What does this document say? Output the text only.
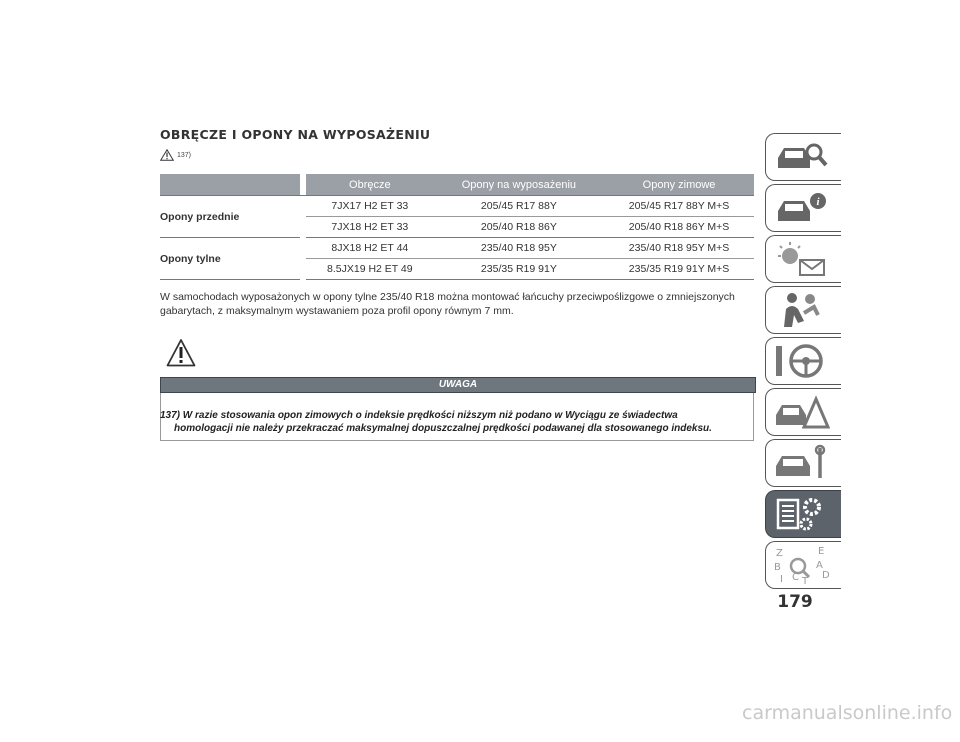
OBRĘCZE I OPONY NA WYPOSAŻENIU
137)
		Obręcze	Opony na wyposażeniu	Opony zimowe
Opony przednie		7JX17 H2 ET 33	205/45 R17 88Y	205/45 R17 88Y M+S
		7JX18 H2 ET 33	205/40 R18 86Y	205/40 R18 86Y M+S
Opony tylne		8JX18 H2 ET 44	235/40 R18 95Y	235/40 R18 95Y M+S
		8.5JX19 H2 ET 49	235/35 R19 91Y	235/35 R19 91Y M+S
W samochodach wyposażonych w opony tylne 235/40 R18 można montować łańcuchy przeciwpoślizgowe o zmniejszonych
gabarytach, z maksymalnym wystawaniem poza profil opony równym 7 mm.
UWAGA
137) W razie stosowania opon zimowych o indeksie prędkości niższym niż podano w Wyciągu ze świadectwa
homologacji nie należy przekraczać maksymalnej dopuszczalnej prędkości podawanej dla stosowanego indeksu.
i
Z	E
B	A
I C T
D
179
carmanualsonline.info
